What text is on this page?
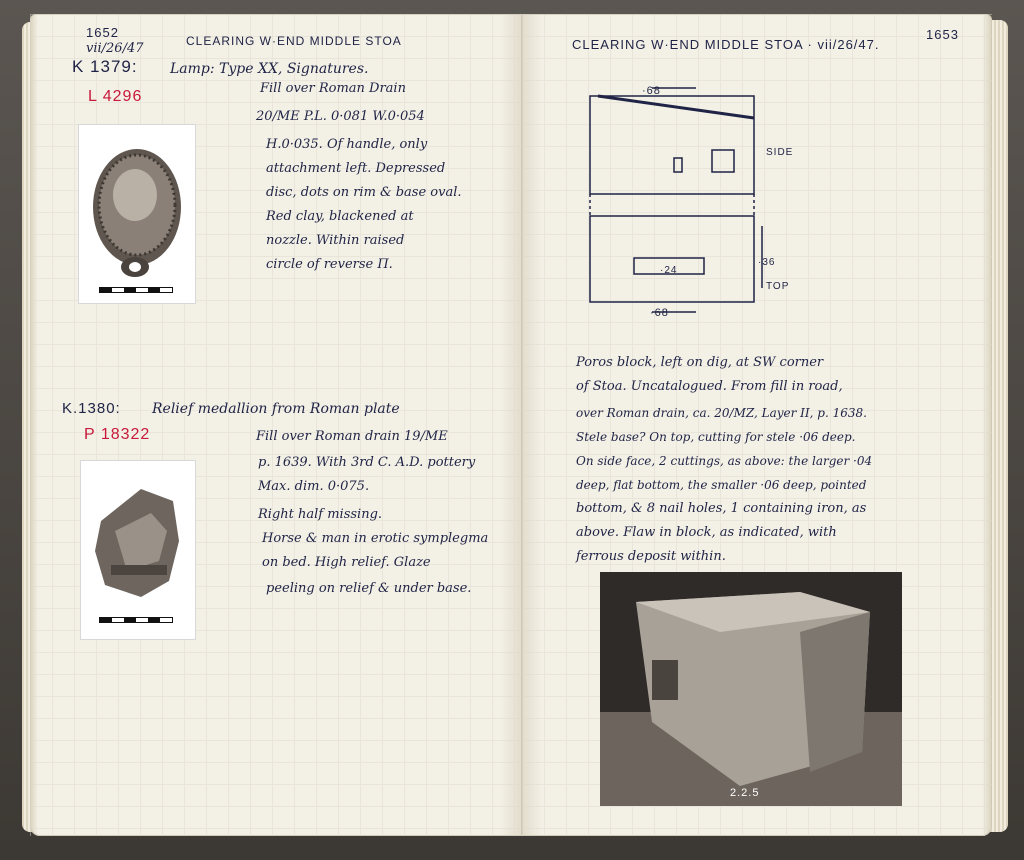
1652
vii/26/47	CLEARING W·END MIDDLE STOA
K 1379: Lamp: Type XX, Signatures.
L 4296	Fill over Roman Drain
20/ME P.L. 0·081 W.0·054
H.0·035. Of handle, only
attachment left. Depressed
disc, dots on rim & base oval.
Red clay, blackened at
nozzle. Within raised
circle of reverse Π.
K.1380: Relief medallion from Roman plate
P 18322	Fill over Roman drain 19/ME
p. 1639. With 3rd C. A.D. pottery
Max. dim. 0·075.
Right half missing.
Horse & man in erotic symplegma
on bed. High relief. Glaze
peeling on relief & under base.
CLEARING W·END MIDDLE STOA · vii/26/47.
1653
·68
·68
·36
·24
SIDE
TOP
Poros block, left on dig, at SW corner
of Stoa. Uncatalogued. From fill in road,
over Roman drain, ca. 20/MZ, Layer II, p. 1638.
Stele base? On top, cutting for stele ·06 deep.
On side face, 2 cuttings, as above: the larger ·04
deep, flat bottom, the smaller ·06 deep, pointed
bottom, & 8 nail holes, 1 containing iron, as
above. Flaw in block, as indicated, with
ferrous deposit within.
2.2.5
